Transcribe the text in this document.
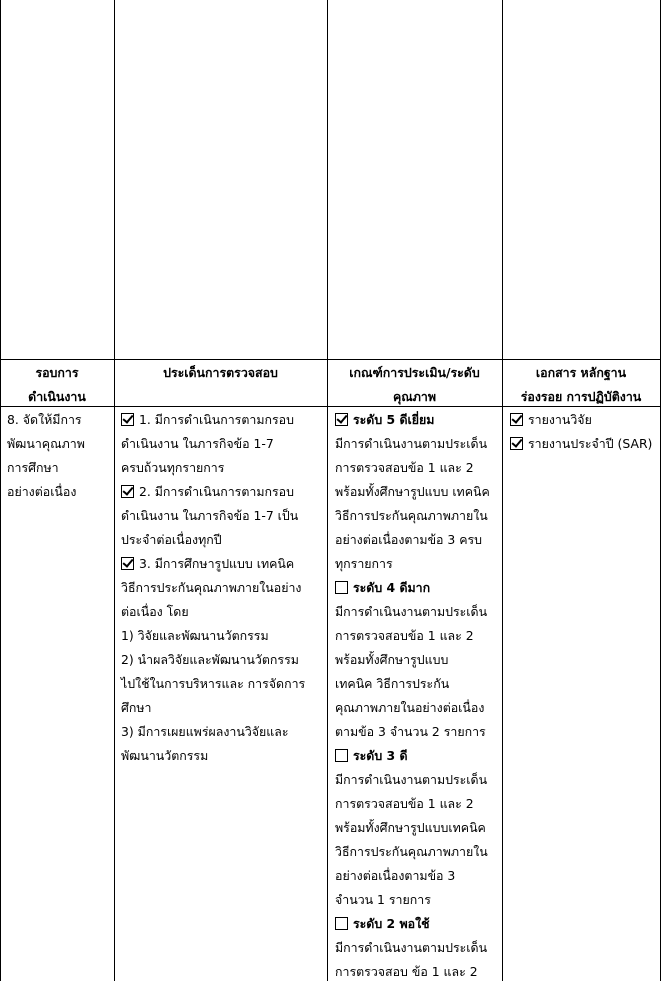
รอบการ
ดำเนินงาน
ประเด็นการตรวจสอบ	เกณฑ์การประเมิน/ระดับ
คุณภาพ
เอกสาร หลักฐาน
ร่องรอย การปฏิบัติงาน
8. จัดให้มีการ
พัฒนาคุณภาพ
การศึกษา
อย่างต่อเนื่อง
1. มีการดำเนินการตามกรอบ
ดำเนินงาน ในภารกิจข้อ 1-7
ครบถ้วนทุกรายการ
2. มีการดำเนินการตามกรอบ
ดำเนินงาน ในภารกิจข้อ 1-7 เป็น
ประจำต่อเนื่องทุกปี
3. มีการศึกษารูปแบบ เทคนิค
วิธีการประกันคุณภาพภายในอย่าง
ต่อเนื่อง โดย
1) วิจัยและพัฒนานวัตกรรม
2) นำผลวิจัยและพัฒนานวัตกรรม
ไปใช้ในการบริหารและ การจัดการ
ศึกษา
3) มีการเผยแพร่ผลงานวิจัยและ
พัฒนานวัตกรรม
ระดับ 5 ดีเยี่ยม
มีการดำเนินงานตามประเด็น
การตรวจสอบข้อ 1 และ 2
พร้อมทั้งศึกษารูปแบบ เทคนิค
วิธีการประกันคุณภาพภายใน
อย่างต่อเนื่องตามข้อ 3 ครบ
ทุกรายการ
ระดับ 4 ดีมาก
มีการดำเนินงานตามประเด็น
การตรวจสอบข้อ 1 และ 2
พร้อมทั้งศึกษารูปแบบ
เทคนิค วิธีการประกัน
คุณภาพภายในอย่างต่อเนื่อง
ตามข้อ 3 จำนวน 2 รายการ
ระดับ 3 ดี
มีการดำเนินงานตามประเด็น
การตรวจสอบข้อ 1 และ 2
พร้อมทั้งศึกษารูปแบบเทคนิค
วิธีการประกันคุณภาพภายใน
อย่างต่อเนื่องตามข้อ 3
จำนวน 1 รายการ
ระดับ 2 พอใช้
มีการดำเนินงานตามประเด็น
การตรวจสอบ ข้อ 1 และ 2
รายงานวิจัย
รายงานประจำปี (SAR)
